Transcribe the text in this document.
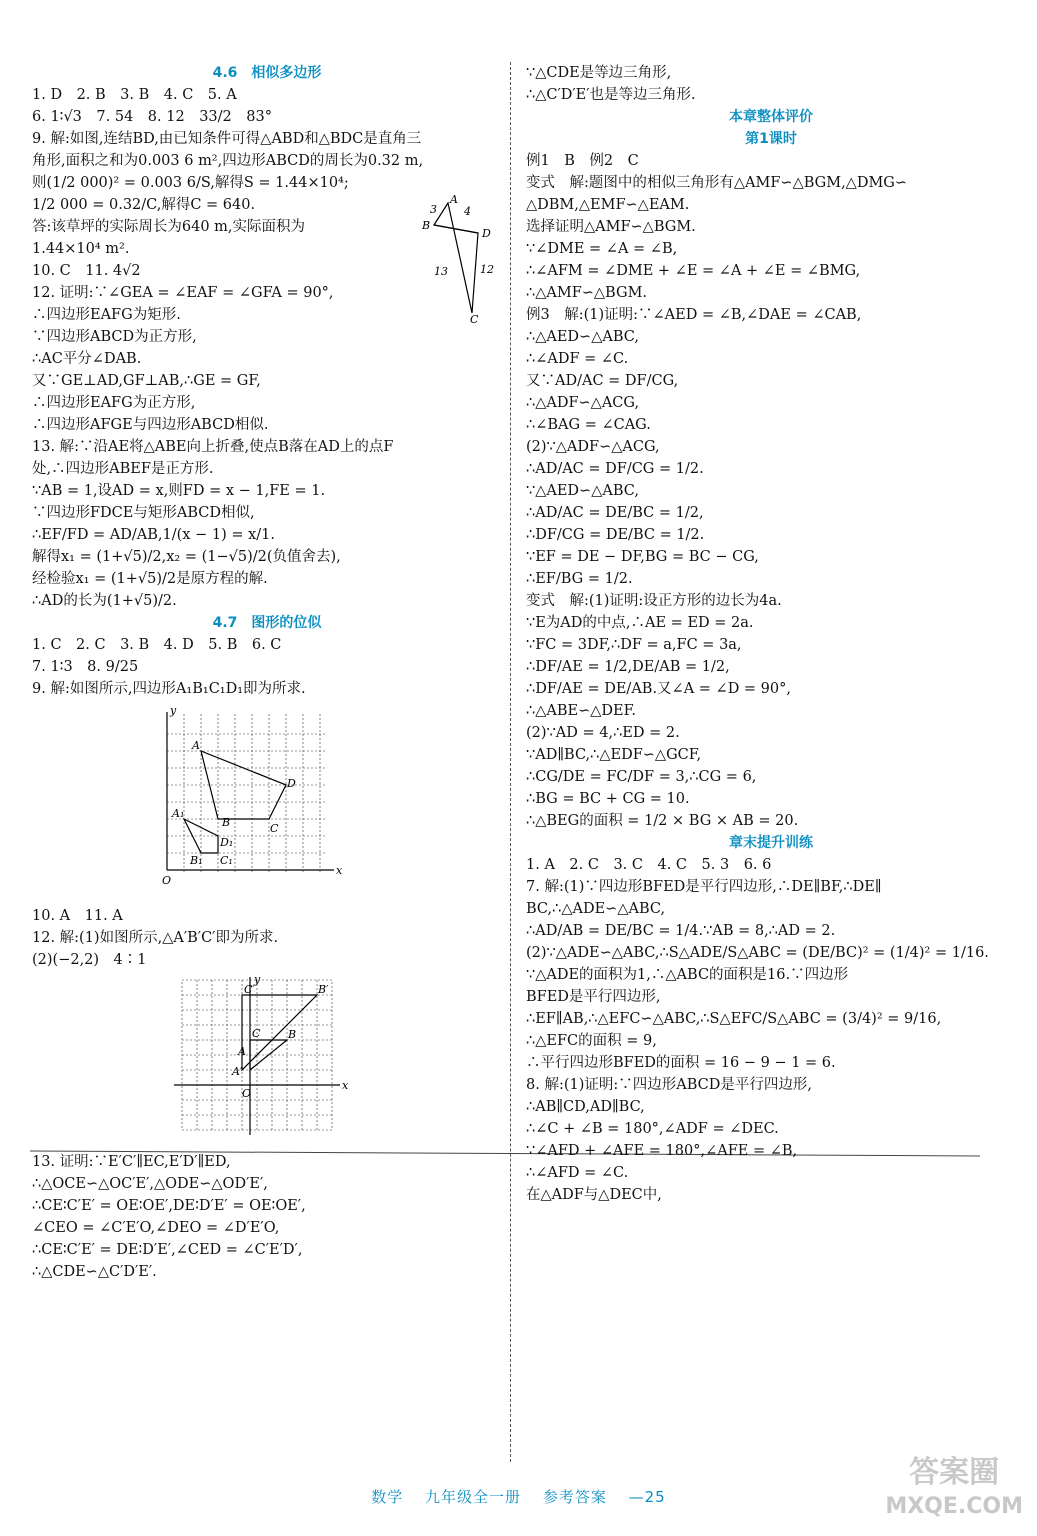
4.6　相似多边形
1. D　2. B　3. B　4. C　5. A
6. 1∶√3　7. 54　8. 12　33/2　83°
9. 解:如图,连结BD,由已知条件可得△ABD和△BDC是直角三
角形,面积之和为0.003 6 m²,四边形ABCD的周长为0.32 m,
则(1/2 000)² = 0.003 6/S,解得S = 1.44×10⁴;
1/2 000 = 0.32/C,解得C = 640.
答:该草坪的实际周长为640 m,实际面积为
1.44×10⁴ m².
10. C　11. 4√2
12. 证明:∵∠GEA = ∠EAF = ∠GFA = 90°,
∴四边形EAFG为矩形.
∵四边形ABCD为正方形,
∴AC平分∠DAB.
又∵GE⊥AD,GF⊥AB,∴GE = GF,
∴四边形EAFG为正方形,
∴四边形AFGE与四边形ABCD相似.
13. 解:∵沿AE将△ABE向上折叠,使点B落在AD上的点F
处,∴四边形ABEF是正方形.
∵AB = 1,设AD = x,则FD = x − 1,FE = 1.
∵四边形FDCE与矩形ABCD相似,
∴EF/FD = AD/AB,1/(x − 1) = x/1.
解得x₁ = (1+√5)/2,x₂ = (1−√5)/2(负值舍去),
经检验x₁ = (1+√5)/2是原方程的解.
∴AD的长为(1+√5)/2.
4.7　图形的位似
1. C　2. C　3. B　4. D　5. B　6. C
7. 1∶3　8. 9/25
9. 解:如图所示,四边形A₁B₁C₁D₁即为所求.
A
D
A₁
B	C
D₁
B₁ C₁
O
x
y
10. A　11. A
12. 解:(1)如图所示,△A′B′C′即为所求.
(2)(−2,2)　4∶1
B′
C′
A′
C	B
A
O
x
y
13. 证明:∵E′C′∥EC,E′D′∥ED,
∴△OCE∽△OC′E′,△ODE∽△OD′E′,
∴CE∶C′E′ = OE∶OE′,DE∶D′E′ = OE∶OE′,
∠CEO = ∠C′E′O,∠DEO = ∠D′E′O,
∴CE∶C′E′ = DE∶D′E′,∠CED = ∠C′E′D′,
∴△CDE∽△C′D′E′.
A
B
D
C
3 4
12
13
∵△CDE是等边三角形,
∴△C′D′E′也是等边三角形.
本章整体评价
第1课时
例1　B　例2　C
变式　解:题图中的相似三角形有△AMF∽△BGM,△DMG∽
△DBM,△EMF∽△EAM.
选择证明△AMF∽△BGM.
∵∠DME = ∠A = ∠B,
∴∠AFM = ∠DME + ∠E = ∠A + ∠E = ∠BMG,
∴△AMF∽△BGM.
例3　解:(1)证明:∵∠AED = ∠B,∠DAE = ∠CAB,
∴△AED∽△ABC,
∴∠ADF = ∠C.
又∵AD/AC = DF/CG,
∴△ADF∽△ACG,
∴∠BAG = ∠CAG.
(2)∵△ADF∽△ACG,
∴AD/AC = DF/CG = 1/2.
∵△AED∽△ABC,
∴AD/AC = DE/BC = 1/2,
∴DF/CG = DE/BC = 1/2.
∵EF = DE − DF,BG = BC − CG,
∴EF/BG = 1/2.
变式　解:(1)证明:设正方形的边长为4a.
∵E为AD的中点,∴AE = ED = 2a.
∵FC = 3DF,∴DF = a,FC = 3a,
∴DF/AE = 1/2,DE/AB = 1/2,
∴DF/AE = DE/AB.又∠A = ∠D = 90°,
∴△ABE∽△DEF.
(2)∵AD = 4,∴ED = 2.
∵AD∥BC,∴△EDF∽△GCF,
∴CG/DE = FC/DF = 3,∴CG = 6,
∴BG = BC + CG = 10.
∴△BEG的面积 = 1/2 × BG × AB = 20.
章末提升训练
1. A　2. C　3. C　4. C　5. 3　6. 6
7. 解:(1)∵四边形BFED是平行四边形,∴DE∥BF,∴DE∥
BC,∴△ADE∽△ABC,
∴AD/AB = DE/BC = 1/4.∵AB = 8,∴AD = 2.
(2)∵△ADE∽△ABC,∴S△ADE/S△ABC = (DE/BC)² = (1/4)² = 1/16.
∵△ADE的面积为1,∴△ABC的面积是16.∵四边形
BFED是平行四边形,
∴EF∥AB,∴△EFC∽△ABC,∴S△EFC/S△ABC = (3/4)² = 9/16,
∴△EFC的面积 = 9,
∴平行四边形BFED的面积 = 16 − 9 − 1 = 6.
8. 解:(1)证明:∵四边形ABCD是平行四边形,
∴AB∥CD,AD∥BC,
∴∠C + ∠B = 180°,∠ADF = ∠DEC.
∵∠AFD + ∠AFE = 180°,∠AFE = ∠B,
∴∠AFD = ∠C.
在△ADF与△DEC中,
数学 九年级全一册 参考答案 —25
答案圈
MXQE.COM
